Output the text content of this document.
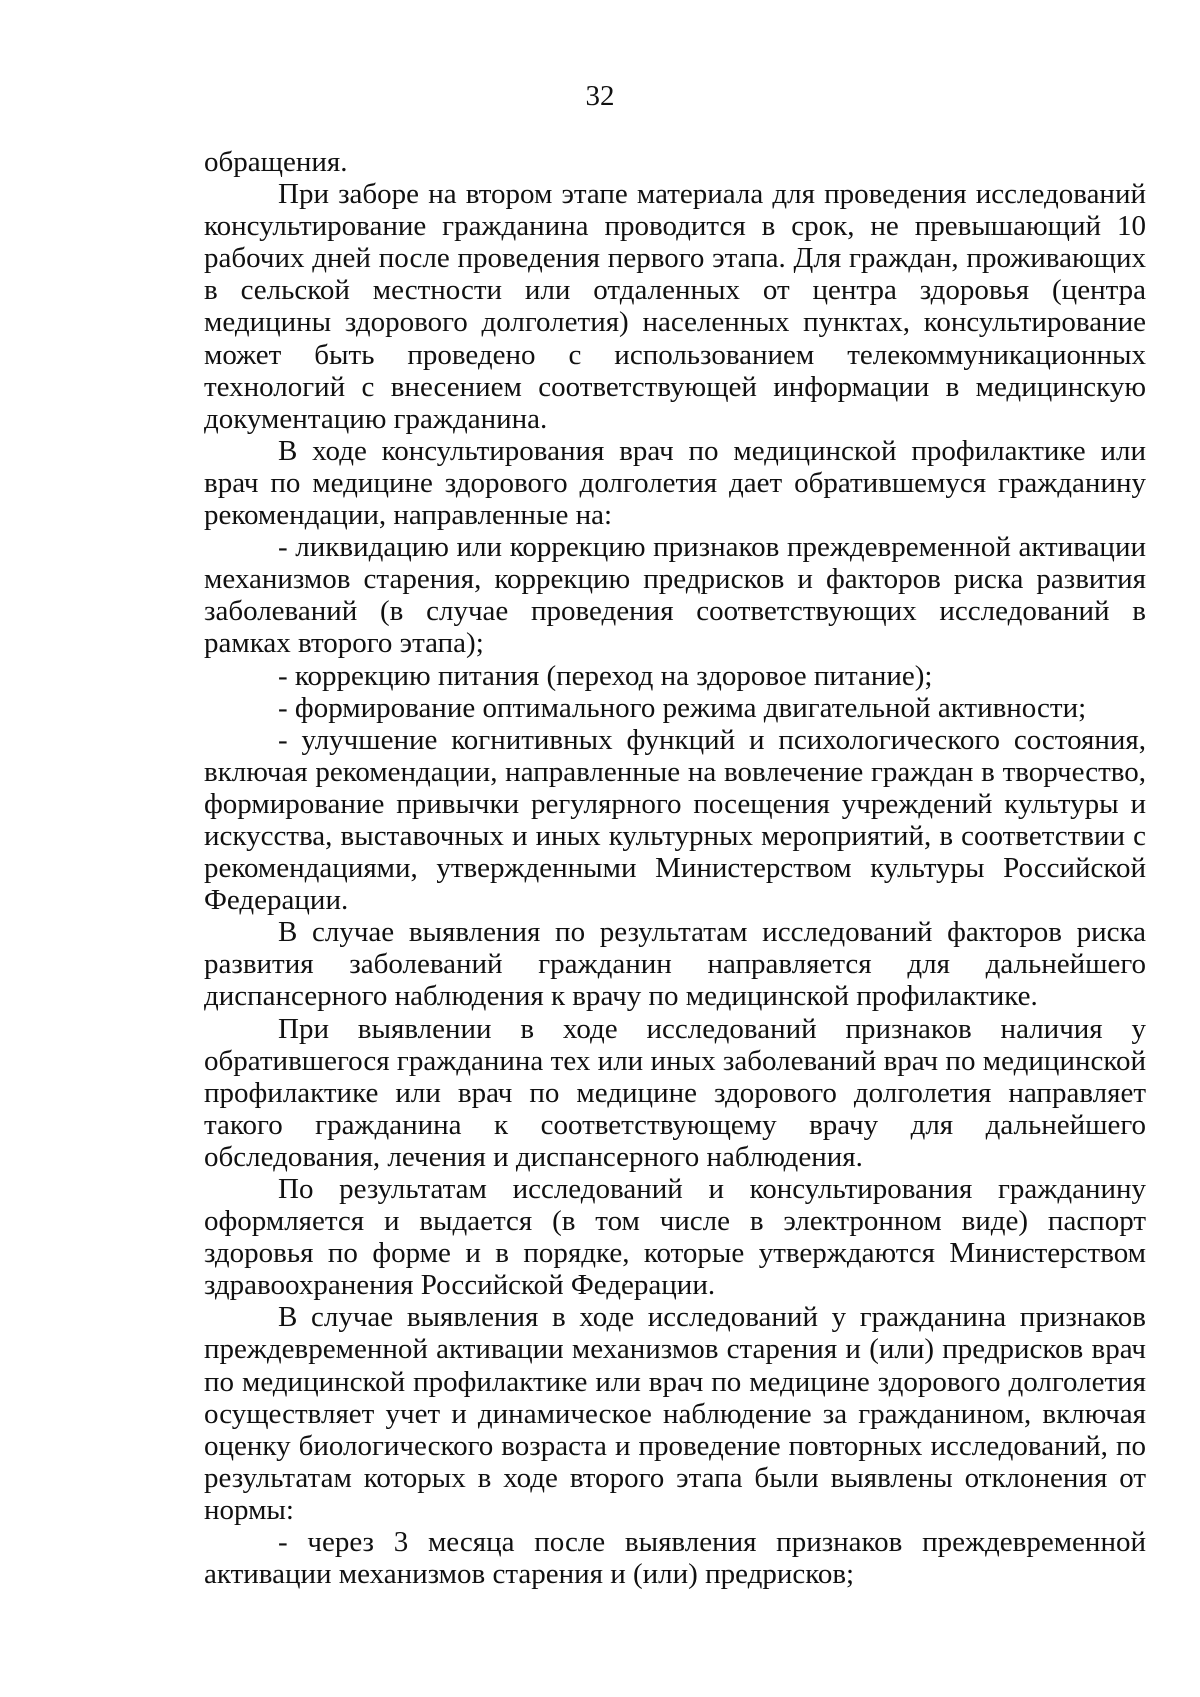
32

обращения.

При заборе на втором этапе материала для проведения исследований консультирование гражданина проводится в срок, не превышающий 10 рабочих дней после проведения первого этапа. Для граждан, проживающих в сельской местности или отдаленных от центра здоровья (центра медицины здорового долголетия) населенных пунктах, консультирование может быть проведено с использованием телекоммуникационных технологий с внесением соответствующей информации в медицинскую документацию гражданина.

В ходе консультирования врач по медицинской профилактике или врач по медицине здорового долголетия дает обратившемуся гражданину рекомендации, направленные на:

- ликвидацию или коррекцию признаков преждевременной активации механизмов старения, коррекцию предрисков и факторов риска развития заболеваний (в случае проведения соответствующих исследований в рамках второго этапа);

- коррекцию питания (переход на здоровое питание);

- формирование оптимального режима двигательной активности;

- улучшение когнитивных функций и психологического состояния, включая рекомендации, направленные на вовлечение граждан в творчество, формирование привычки регулярного посещения учреждений культуры и искусства, выставочных и иных культурных мероприятий, в соответствии с рекомендациями, утвержденными Министерством культуры Российской Федерации.

В случае выявления по результатам исследований факторов риска развития заболеваний гражданин направляется для дальнейшего диспансерного наблюдения к врачу по медицинской профилактике.

При выявлении в ходе исследований признаков наличия у обратившегося гражданина тех или иных заболеваний врач по медицинской профилактике или врач по медицине здорового долголетия направляет такого гражданина к соответствующему врачу для дальнейшего обследования, лечения и диспансерного наблюдения.

По результатам исследований и консультирования гражданину оформляется и выдается (в том числе в электронном виде) паспорт здоровья по форме и в порядке, которые утверждаются Министерством здравоохранения Российской Федерации.

В случае выявления в ходе исследований у гражданина признаков преждевременной активации механизмов старения и (или) предрисков врач по медицинской профилактике или врач по медицине здорового долголетия осуществляет учет и динамическое наблюдение за гражданином, включая оценку биологического возраста и проведение повторных исследований, по результатам которых в ходе второго этапа были выявлены отклонения от нормы:

- через 3 месяца после выявления признаков преждевременной активации механизмов старения и (или) предрисков;
